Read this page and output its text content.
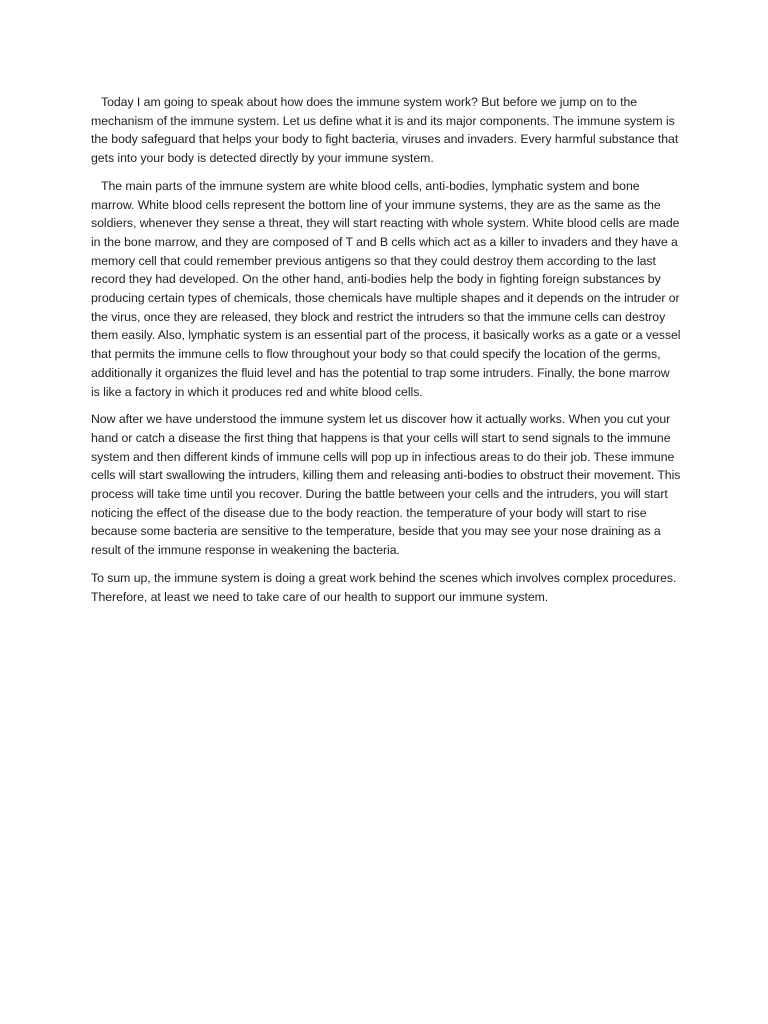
Today I am going to speak about how does the immune system work? But before we jump on to the mechanism of the immune system. Let us define what it is and its major components. The immune system is the body safeguard that helps your body to fight bacteria, viruses and invaders. Every harmful substance that gets into your body is detected directly by your immune system.

The main parts of the immune system are white blood cells, anti-bodies, lymphatic system and bone marrow. White blood cells represent the bottom line of your immune systems, they are as the same as the soldiers, whenever they sense a threat, they will start reacting with whole system. White blood cells are made in the bone marrow, and they are composed of T and B cells which act as a killer to invaders and they have a memory cell that could remember previous antigens so that they could destroy them according to the last record they had developed. On the other hand, anti-bodies help the body in fighting foreign substances by producing certain types of chemicals, those chemicals have multiple shapes and it depends on the intruder or the virus, once they are released, they block and restrict the intruders so that the immune cells can destroy them easily. Also, lymphatic system is an essential part of the process, it basically works as a gate or a vessel that permits the immune cells to flow throughout your body so that could specify the location of the germs, additionally it organizes the fluid level and has the potential to trap some intruders. Finally, the bone marrow is like a factory in which it produces red and white blood cells.

Now after we have understood the immune system let us discover how it actually works. When you cut your hand or catch a disease the first thing that happens is that your cells will start to send signals to the immune system and then different kinds of immune cells will pop up in infectious areas to do their job. These immune cells will start swallowing the intruders, killing them and releasing anti-bodies to obstruct their movement. This process will take time until you recover. During the battle between your cells and the intruders, you will start noticing the effect of the disease due to the body reaction. the temperature of your body will start to rise because some bacteria are sensitive to the temperature, beside that you may see your nose draining as a result of the immune response in weakening the bacteria.

To sum up, the immune system is doing a great work behind the scenes which involves complex procedures. Therefore, at least we need to take care of our health to support our immune system.
